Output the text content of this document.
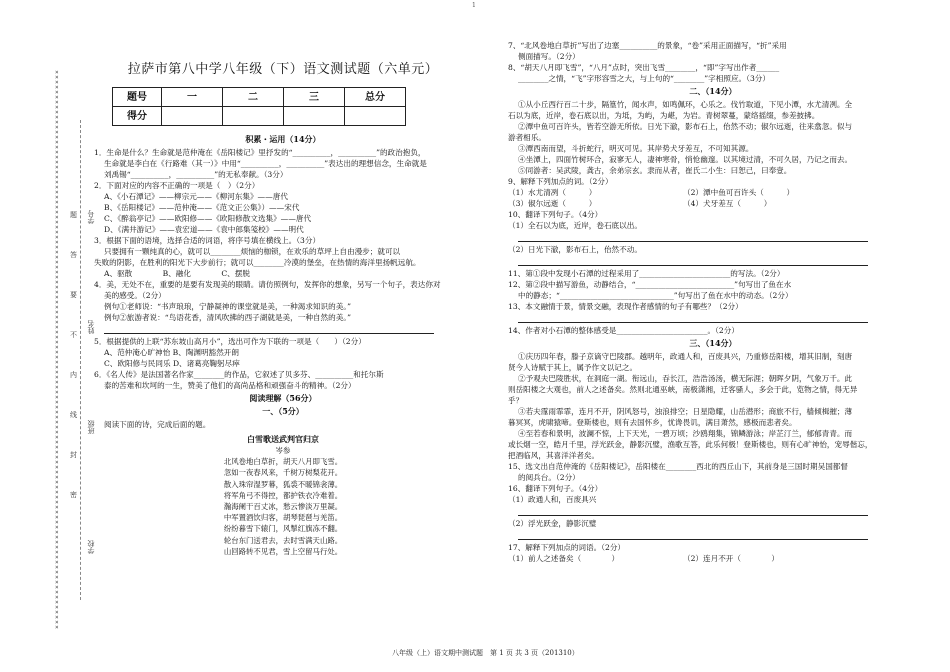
1
××××××××××××××××××××××××××××××××××××××××××××××××××××××××××××××××××××××××××××××××××××××××××××××××××××××××××××××××
学号
姓名
班级
学校
题
答
要
不
内
线
封
密
拉萨市第八中学八年级（下）语文测试题（六单元）
题号	一	二	三	总分
得分				
积累・运用（14分）

1．生命是什么？生命就是范仲淹在《岳阳楼记》里抒发的“__________，__________”的政治抱负，

生命就是李白在《行路难（其一）》中用“__________，__________”表达出的理想信念，生命就是

刘禹锡“__________，__________”的无私奉献。（3分）

2．下面对应的内容不正确的一项是（　）（2分）

A、《小石潭记》——柳宗元——《柳河东集》——唐代

B、《岳阳楼记》——范仲淹——《范文正公集》）——宋代

C、《醉翁亭记》——欧阳修——《欧阳修散文选集》——唐代

D、《满井游记》——袁宏道——《袁中郎集笺校》——明代

3．根据下面的语境，选择合适的词语，将序号填在横线上。（3分）

只要拥有一颗纯真的心，就可以________烦恼的枷锁，在欢乐的草坪上自由漫步；就可以

失败的阴影，在胜利的阳光下大步前行；就可以________冷漠的堡垒，在热情的海洋里扬帆远航。

A、驱散　　　　B、融化　　　　C、摆脱

4．美，无处不在，重要的是要有发现美的眼睛。请仿照例句，发挥你的想象，另写一个句子，表达你对

美的感受。（2分）

例句①老师说：“书声琅琅，宁静凝神的课堂就是美，一种渴求知识的美。”

例句②旅游者说：“鸟语花香，清风吹拂的西子湖就是美，一种自然的美。”

5．根据提供的上联“苏东坡山高月小”，选出可作为下联的一项是（　　）（2分）

A、范仲淹心旷神怡 B、陶渊明豁然开朗

C、欧阳修与民同乐 D、诸葛亮鞠躬尽瘁

6．《名人传》是法国著名作家________的作品，它叙述了贝多芬、__________和托尔斯

泰的苦难和坎坷的一生，赞美了他们的高尚品格和顽强奋斗的精神。（2分）

阅读理解（56分）
一、（5分）

阅读下面的诗，完成后面的题。

白雪歌送武判官归京
岑参

北风卷地白草折，胡天八月即飞雪。

忽如一夜春风来，千树万树梨花开。

散入珠帘湿罗幕，狐裘不暖锦衾薄。

将军角弓不得控，都护铁衣冷难着。

瀚海阑干百丈冰，愁云惨淡万里凝。

中军置酒饮归客，胡琴琵琶与羌笛。

纷纷暮雪下辕门，风掣红旗冻不翻。

轮台东门送君去，去时雪满天山路。

山回路转不见君，雪上空留马行处。

7、“北风卷地白草折”写出了边塞__________的景象，“卷”采用正面描写，“折”采用

侧面描写。（2分）

8、“胡天八月即飞雪”，“八月”点时，突出飞雪________，“即”字写出作者______

________之情，“飞”字形容雪之大，与上句的“________”字相照应。（3分）

二、（14分）

①从小丘西行百二十步，隔篁竹，闻水声，如鸣佩环，心乐之。伐竹取道，下见小潭，水尤清冽。全

石以为底，近岸，卷石底以出，为坻，为屿，为嵁，为岩。青树翠蔓，蒙络摇缀，参差披拂。

②潭中鱼可百许头，皆若空游无所依。日光下澈，影布石上，佁然不动；俶尔远逝，往来翕忽。似与

游者相乐。

③潭西南而望，斗折蛇行，明灭可见。其岸势犬牙差互，不可知其源。

④坐潭上，四面竹树环合，寂寥无人，凄神寒骨，悄怆幽邃。以其境过清，不可久居，乃记之而去。

⑤同游者：吴武陵，龚古，余弟宗玄。隶而从者，崔氏二小生：曰恕己，曰奉壹。

9、解释下列加点的词。（2分）

（1）水尤清冽（　　　）	（2）潭中鱼可百许头（　　　）

（3）俶尔远逝（　　　）	（4）犬牙差互（　　　）

10、翻译下列句子。（4分）

（1）全石以为底，近岸，卷石底以出。

（2）日光下澈，影布石上，佁然不动。

11、第①段中发现小石潭的过程采用了________________________的写法。（2分）

12、第②段中描写游鱼，动静结合，“__________________________”句写出了鱼在水

中的静态；“______________________________”句写出了鱼在水中的动态。（2分）

13、本文融情于景，情景交融，表现作者感情的句子有哪些？（2分）

14、作者对小石潭的整体感受是________________________。（2分）

三、（14分）

①庆历四年春，滕子京谪守巴陵郡。越明年，政通人和，百废具兴，乃重修岳阳楼，增其旧制，刻唐

贤今人诗赋于其上，属予作文以记之。

②予观夫巴陵胜状，在洞庭一湖。衔远山，吞长江，浩浩汤汤，横无际涯；朝晖夕阴，气象万千。此

则岳阳楼之大观也，前人之述备矣。然则北通巫峡，南极潇湘，迁客骚人，多会于此，览物之情，得无异

乎？

③若夫霪雨霏霏，连月不开，阴风怒号，浊浪排空；日星隐耀，山岳潜形；商旅不行，樯倾楫摧；薄

暮冥冥，虎啸猿啼。登斯楼也，则有去国怀乡，忧谗畏讥，满目萧然，感极而悲者矣。

④至若春和景明，波澜不惊，上下天光，一碧万顷；沙鸥翔集，锦鳞游泳；岸芷汀兰，郁郁青青。而

或长烟一空，皓月千里，浮光跃金，静影沉璧，渔歌互答，此乐何极！登斯楼也，则有心旷神怡，宠辱偕忘，

把酒临风，其喜洋洋者矣。

15、选文出自范仲淹的《岳阳楼记》，岳阳楼在________西北的西丘山下，其前身是三国时期吴国都督

的阅兵台。（2分）

16、翻译下列句子。（4分）

（1）政通人和，百废具兴

（2）浮光跃金，静影沉璧

17、解释下列加点的词语。（2分）

（1）前人之述备矣（　　　　）	（2）连月不开（　　　　）

八年级（上）语文期中测试题　第 1 页 共 3 页（201310）
